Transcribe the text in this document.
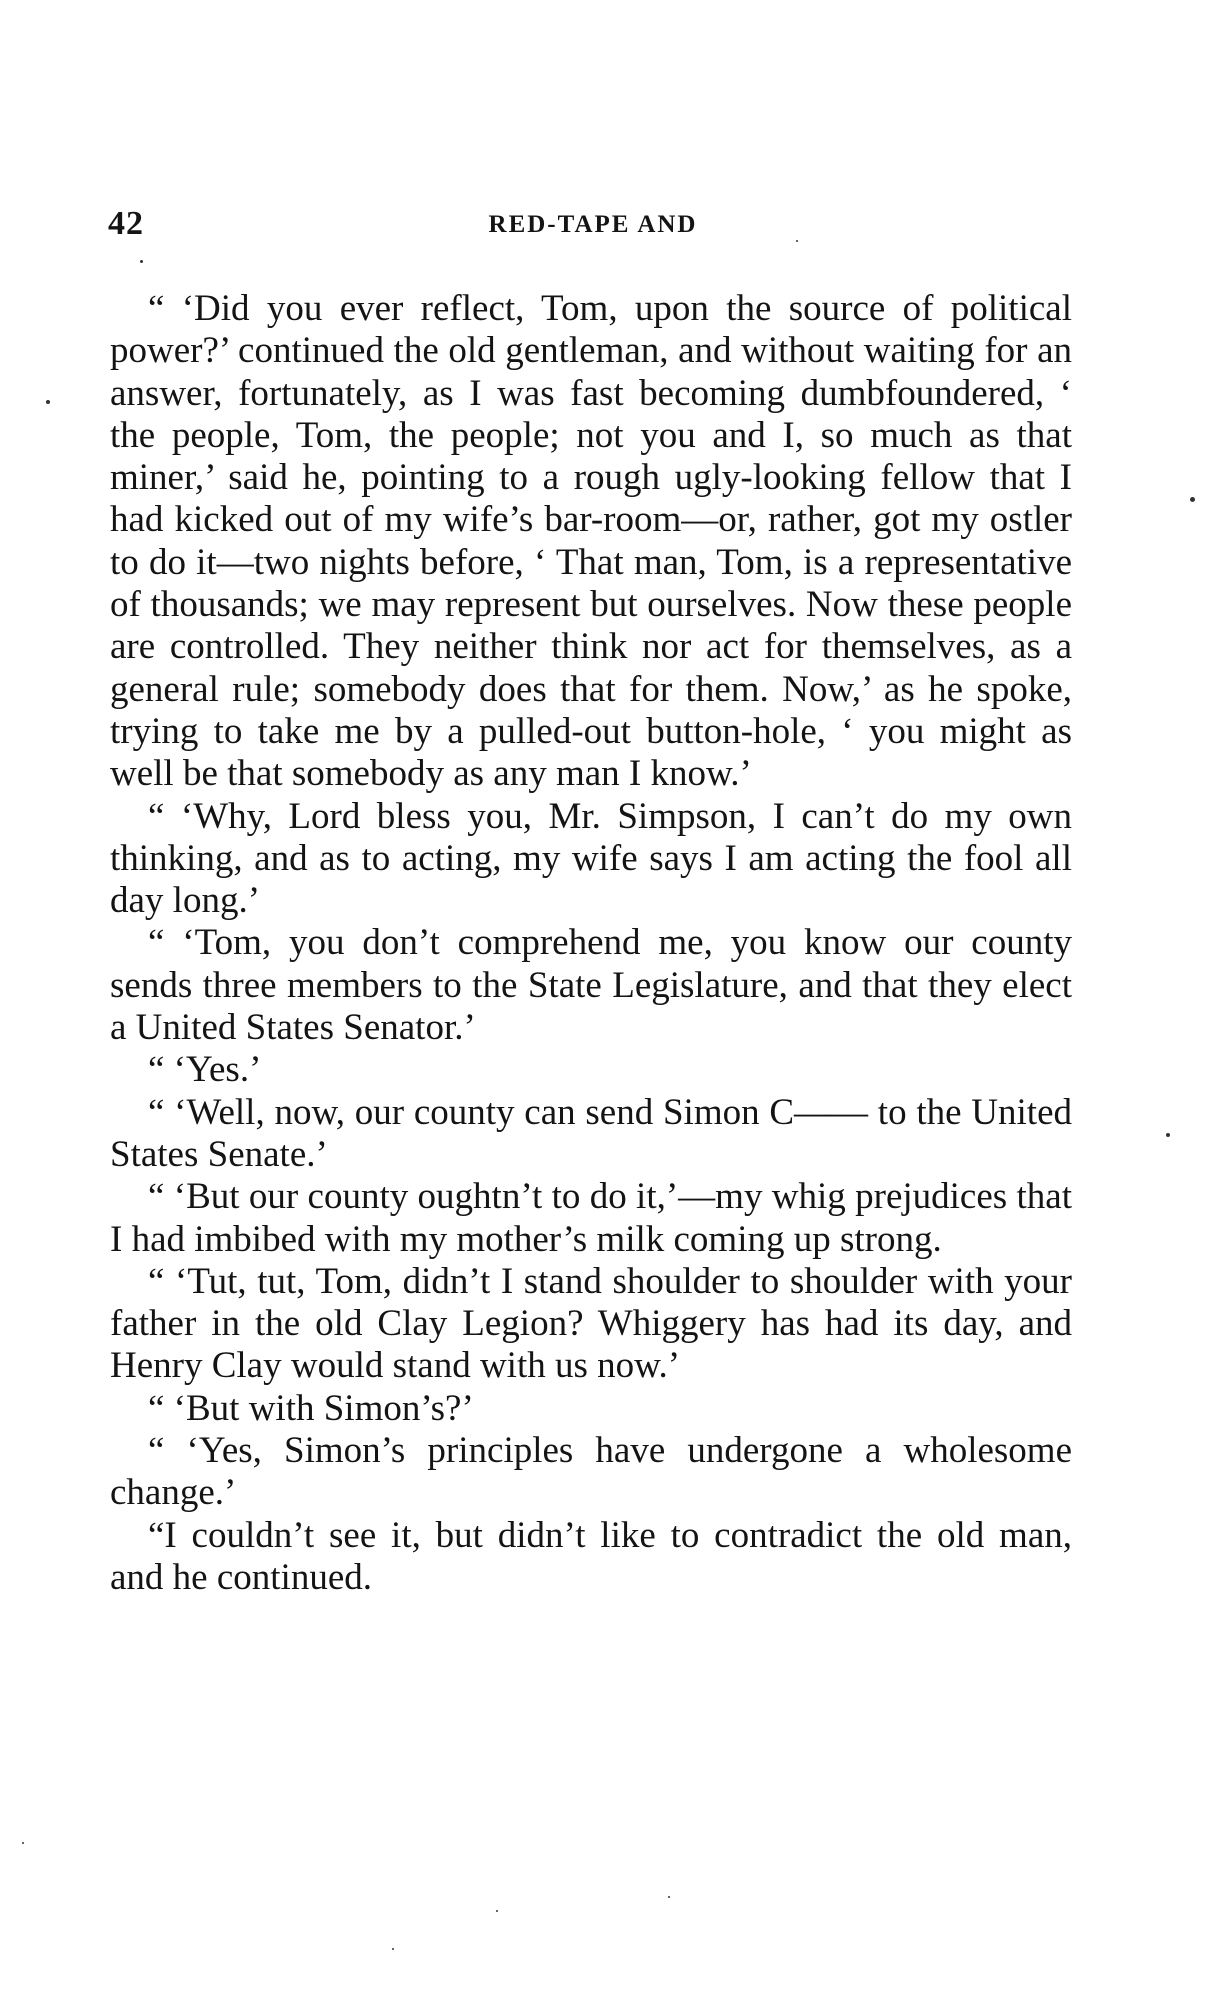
42	RED-TAPE AND

“ ‘Did you ever reflect, Tom, upon the source of political power?’ continued the old gentleman, and without waiting for an answer, fortunately, as I was fast becoming dumbfoundered, ‘ the people, Tom, the people; not you and I, so much as that miner,’ said he, pointing to a rough ugly-looking fellow that I had kicked out of my wife’s bar-room—or, rather, got my ostler to do it—two nights before, ‘ That man, Tom, is a representative of thousands; we may represent but ourselves. Now these people are controlled. They neither think nor act for themselves, as a general rule; somebody does that for them. Now,’ as he spoke, trying to take me by a pulled-out button-hole, ‘ you might as well be that somebody as any man I know.’

“ ‘Why, Lord bless you, Mr. Simpson, I can’t do my own thinking, and as to acting, my wife says I am acting the fool all day long.’

“ ‘Tom, you don’t comprehend me, you know our county sends three members to the State Legislature, and that they elect a United States Senator.’

“ ‘Yes.’

“ ‘Well, now, our county can send Simon C—— to the United States Senate.’

“ ‘But our county oughtn’t to do it,’—my whig prejudices that I had imbibed with my mother’s milk coming up strong.

“ ‘Tut, tut, Tom, didn’t I stand shoulder to shoulder with your father in the old Clay Legion? Whiggery has had its day, and Henry Clay would stand with us now.’

“ ‘But with Simon’s?’

“ ‘Yes, Simon’s principles have undergone a wholesome change.’

“I couldn’t see it, but didn’t like to contradict the old man, and he continued.
